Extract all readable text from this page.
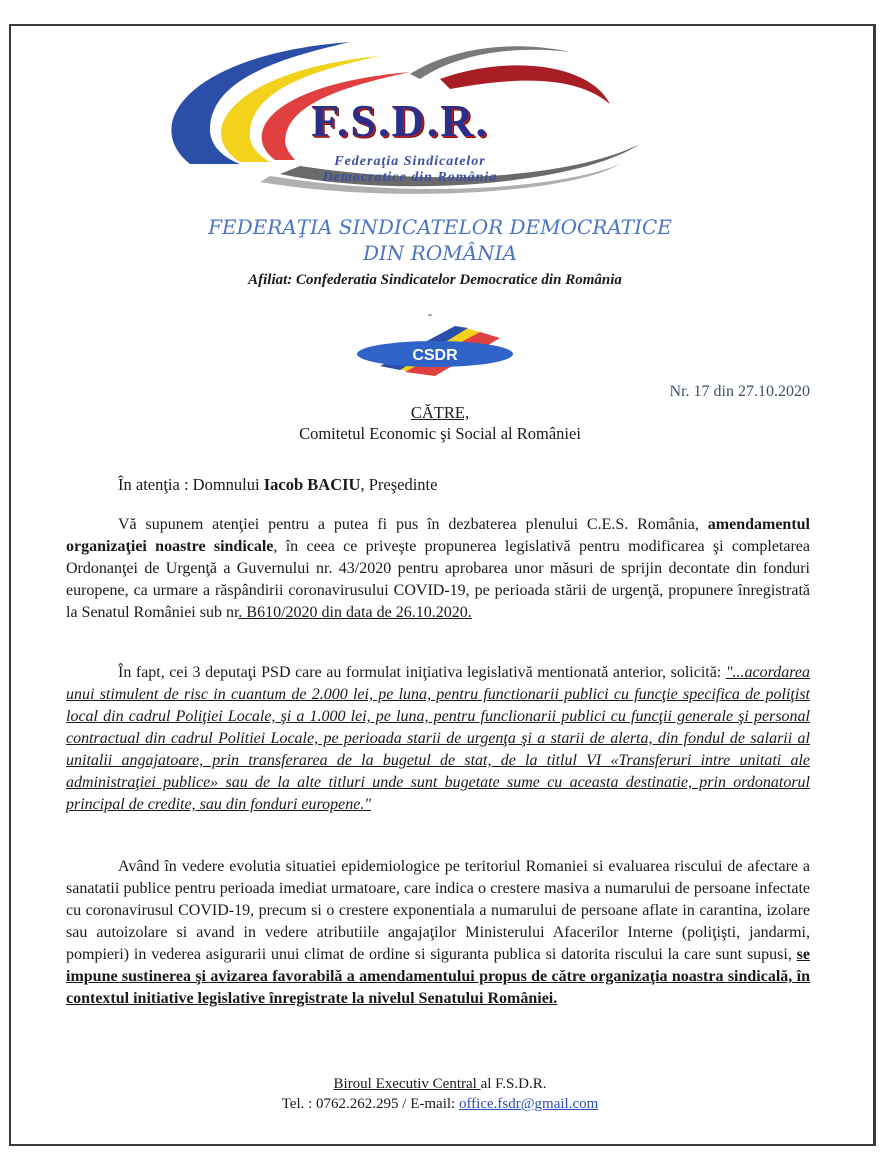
F.S.D.R.
Federaţia Sindicatelor
Democratice din România
FEDERAŢIA SINDICATELOR DEMOCRATICE
DIN ROMÂNIA
Afiliat: Confederatia Sindicatelor Democratice din România
-
CSDR
Nr. 17 din 27.10.2020
CĂTRE,
Comitetul Economic şi Social al României
În atenţia : Domnului Iacob BACIU, Preşedinte

Vă supunem atenţiei pentru a putea fi pus în dezbaterea plenului C.E.S. România, amendamentul organizaţiei noastre sindicale, în ceea ce priveşte propunerea legislativă pentru modificarea şi completarea Ordonanţei de Urgenţă a Guvernului nr. 43/2020 pentru aprobarea unor măsuri de sprijin decontate din fonduri europene, ca urmare a răspândirii coronavirusului COVID-19, pe perioada stării de urgenţă, propunere înregistrată la Senatul României sub nr. B610/2020 din data de 26.10.2020.

În fapt, cei 3 deputaţi PSD care au formulat iniţiativa legislativă mentionată anterior, solicită: "...acordarea unui stimulent de risc in cuantum de 2.000 lei, pe luna, pentru functionarii publici cu funcţie specifica de poliţist local din cadrul Poliţiei Locale, şi a 1.000 lei, pe luna, pentru funclionarii publici cu funcţii generale şi personal contractual din cadrul Politiei Locale, pe perioada starii de urgenţa şi a starii de alerta, din fondul de salarii al unitalii angajatoare, prin transferarea de la bugetul de stat, de la titlul VI «Transferuri intre unitati ale administraţiei publice» sau de la alte titluri unde sunt bugetate sume cu aceasta destinatie, prin ordonatorul principal de credite, sau din fonduri europene."

Având în vedere evolutia situatiei epidemiologice pe teritoriul Romaniei si evaluarea riscului de afectare a sanatatii publice pentru perioada imediat urmatoare, care indica o crestere masiva a numarului de persoane infectate cu coronavirusul COVID-19, precum si o crestere exponentiala a numarului de persoane aflate in carantina, izolare sau autoizolare si avand in vedere atributiile angajaţilor Ministerului Afacerilor Interne (poliţişti, jandarmi, pompieri) in vederea asigurarii unui climat de ordine si siguranta publica si datorita riscului la care sunt supusi, se impune sustinerea şi avizarea favorabilă a amendamentului propus de către organizaţia noastra sindicală, în contextul initiative legislative înregistrate la nivelul Senatului României.

Biroul Executiv Central al F.S.D.R.
Tel. : 0762.262.295 / E-mail: office.fsdr@gmail.com
